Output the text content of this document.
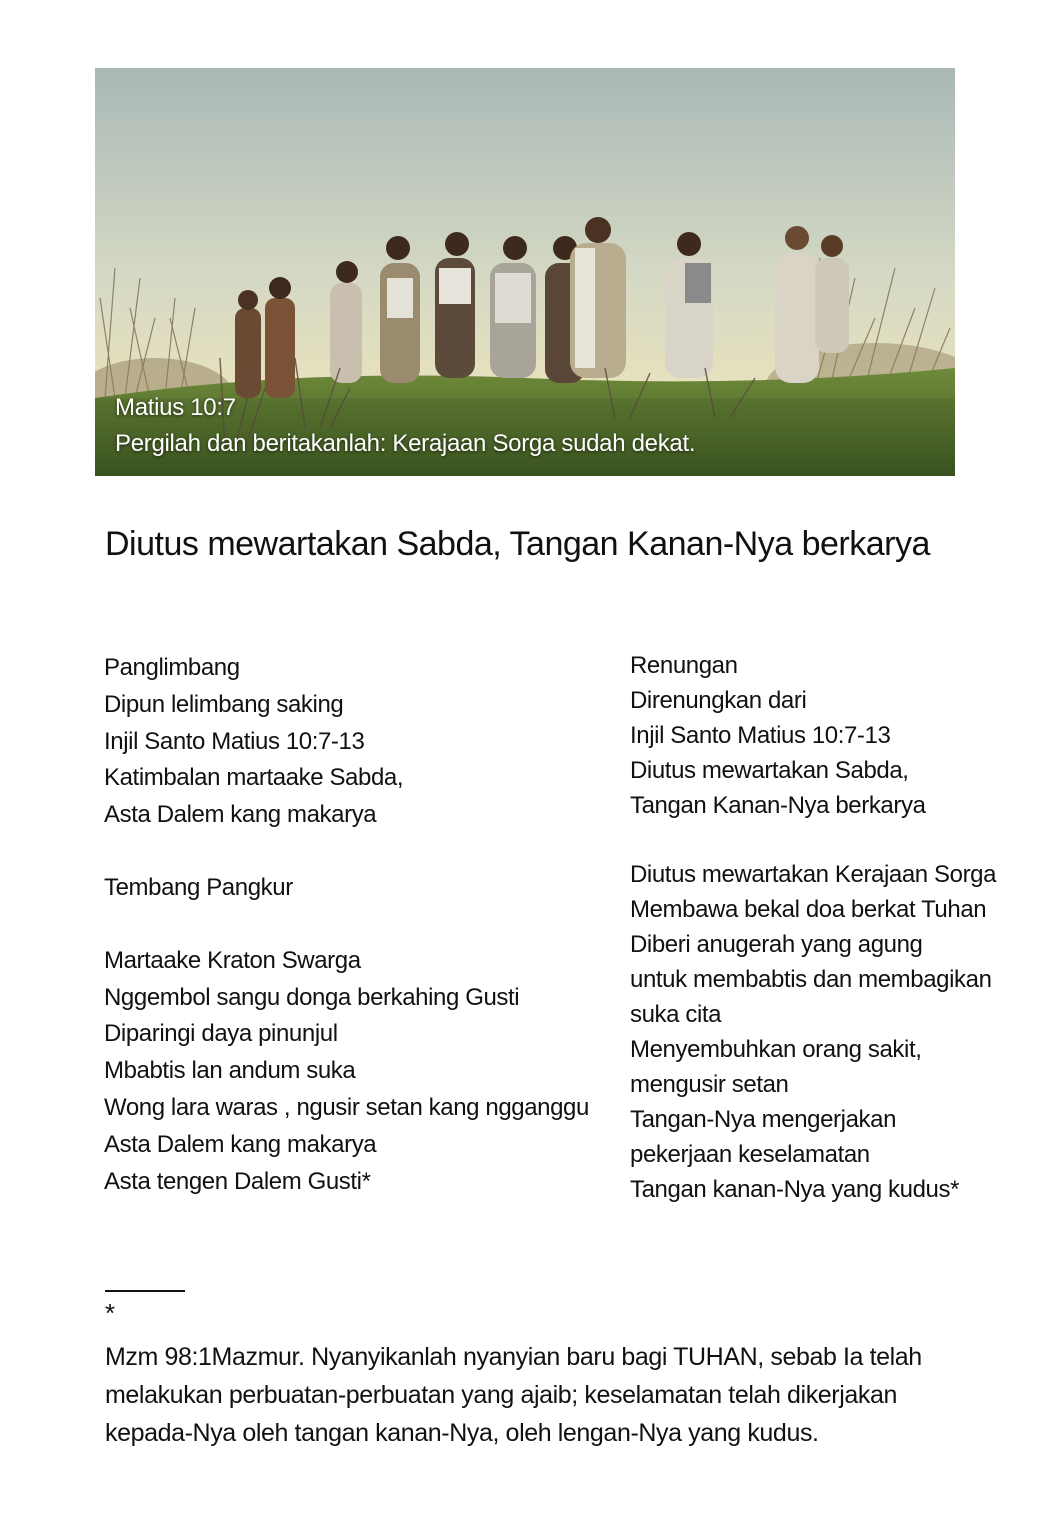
Matius 10:7
Pergilah dan beritakanlah: Kerajaan Sorga sudah dekat.
Diutus mewartakan Sabda, Tangan Kanan-Nya berkarya
Panglimbang
Dipun lelimbang saking
Injil Santo Matius 10:7-13
Katimbalan martaake Sabda,
Asta Dalem kang makarya
Tembang Pangkur
Martaake Kraton Swarga
Nggembol sangu donga berkahing Gusti
Diparingi daya pinunjul
Mbabtis lan andum suka
Wong lara waras , ngusir setan kang ngganggu
Asta Dalem kang makarya
Asta tengen Dalem Gusti*
Renungan
Direnungkan dari
Injil Santo Matius 10:7-13
Diutus mewartakan Sabda,
Tangan Kanan-Nya berkarya
Diutus mewartakan Kerajaan Sorga
Membawa bekal doa berkat Tuhan
Diberi anugerah yang agung
untuk membabtis dan membagikan
suka cita
Menyembuhkan orang sakit,
mengusir setan
Tangan-Nya mengerjakan
pekerjaan keselamatan
Tangan kanan-Nya yang kudus*
*
Mzm 98:1Mazmur. Nyanyikanlah nyanyian baru bagi TUHAN, sebab Ia telah melakukan perbuatan-perbuatan yang ajaib; keselamatan telah dikerjakan kepada-Nya oleh tangan kanan-Nya, oleh lengan-Nya yang kudus.
